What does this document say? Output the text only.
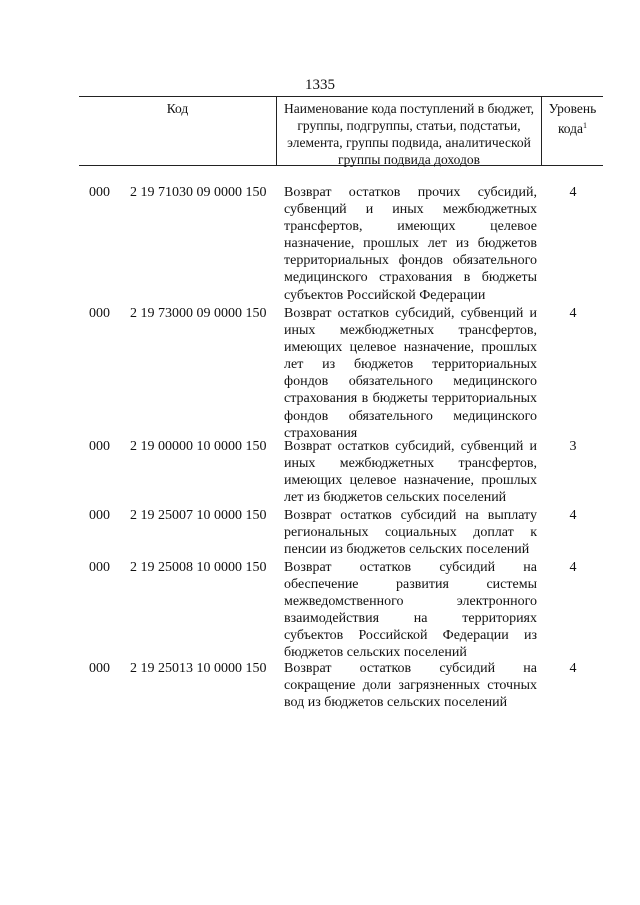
1335
Код	Наименование кода поступлений в бюджет, группы, подгруппы, статьи, подстатьи, элемента, группы подвида, аналитической группы подвида доходов
Уровень кода$^1$
000 2 19 71030 09 0000 150 Возврат остатков прочих субсидий, субвенций и иных межбюджетных трансфертов, имеющих целевое назначение, прошлых лет из бюджетов территориальных фондов обязательного медицинского страхования в бюджеты субъектов Российской Федерации
4
000 2 19 73000 09 0000 150 Возврат остатков субсидий, субвенций и иных межбюджетных трансфертов, имеющих целевое назначение, прошлых лет из бюджетов территориальных фондов обязательного медицинского страхования в бюджеты территориальных фондов обязательного медицинского страхования
4
000 2 19 00000 10 0000 150 Возврат остатков субсидий, субвенций и иных межбюджетных трансфертов, имеющих целевое назначение, прошлых лет из бюджетов сельских поселений
3
000 2 19 25007 10 0000 150 Возврат остатков субсидий на выплату региональных социальных доплат к пенсии из бюджетов сельских поселений
4
000 2 19 25008 10 0000 150 Возврат остатков субсидий на обеспечение развития системы межведомственного электронного взаимодействия на территориях субъектов Российской Федерации из бюджетов сельских поселений
4
000 2 19 25013 10 0000 150 Возврат остатков субсидий на сокращение доли загрязненных сточных вод из бюджетов сельских поселений
4
